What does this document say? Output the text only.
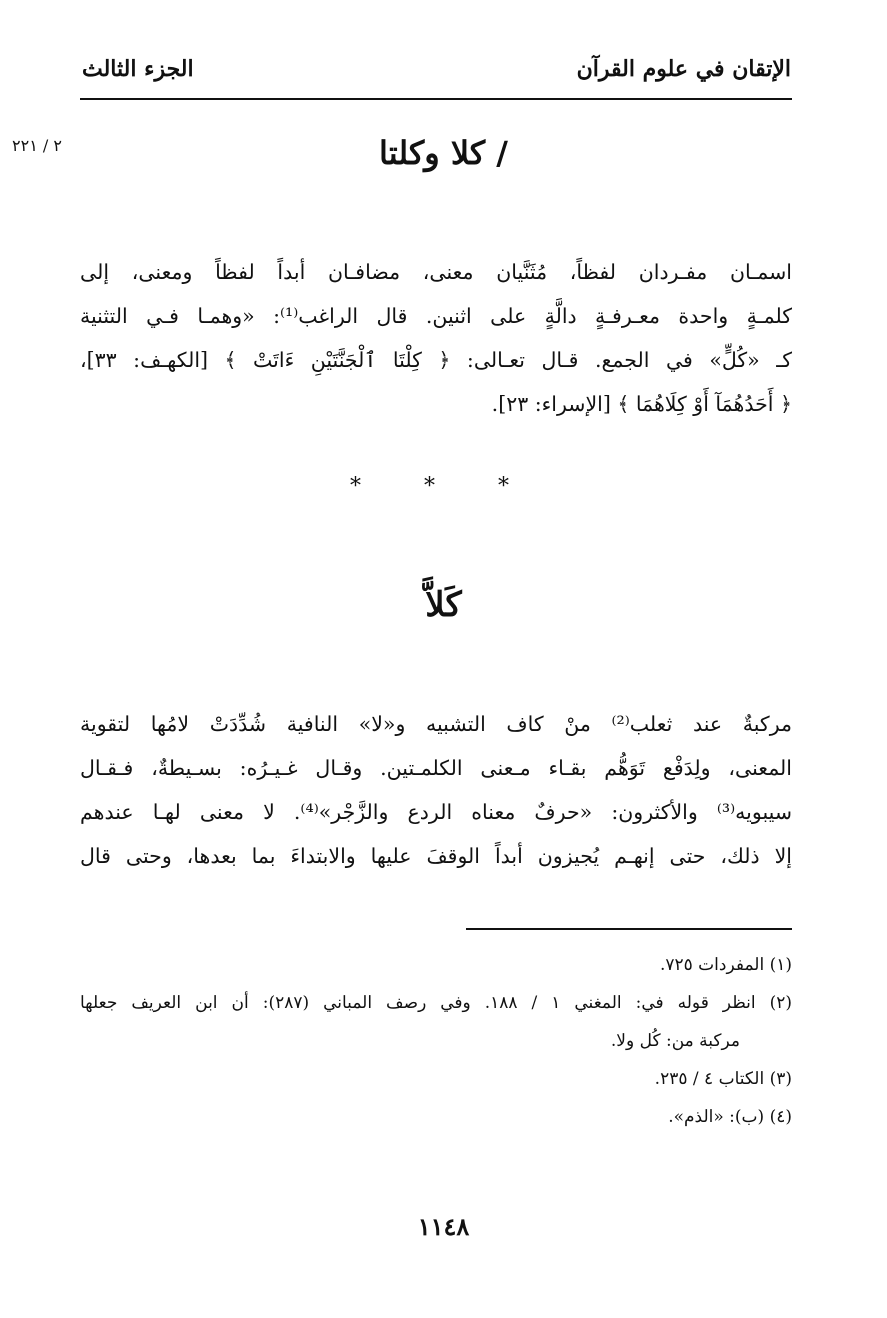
الإتقان في علوم القرآن
الجزء الثالث
٢ / ٢٢١	/ كلا وكلتا
اسمـان مفـردان لفظاً، مُثَنَّيان معنى، مضافـان أبداً لفظاً ومعنى، إلى
كلمـةٍ واحدة معـرفـةٍ دالَّةٍ على اثنين. قال الراغب⁽¹⁾: «وهمـا فـي التثنية
كـ «كُلٍّ» في الجمع. قـال تعـالى: ﴿ كِلْتَا ٱلْجَنَّتَيْنِ ءَاتَتْ ﴾ [الكهـف: ٣٣]،
﴿ أَحَدُهُمَآ أَوْ كِلَاهُمَا ﴾ [الإسراء: ٢٣].
* * *
كَلاَّ
مركبةٌ عند ثعلب⁽²⁾ منْ كاف التشبيه و«لا» النافية شُدِّدَتْ لامُها لتقوية
المعنى، ولِدَفْع تَوَهُّم بقـاء مـعنى الكلمـتين. وقـال غـيـرُه: بسـيطةٌ، فـقـال
سيبويه⁽³⁾ والأكثرون: «حرفٌ معناه الردع والزَّجْر»⁽⁴⁾. لا معنى لهـا عندهم
إلا ذلك، حتى إنهـم يُجيزون أبداً الوقفَ عليها والابتداءَ بما بعدها، وحتى قال
(١) المفردات ٧٢٥.
(٢) انظر قوله في: المغني ١ / ١٨٨. وفي رصف المباني (٢٨٧): أن ابن العريف جعلها
مركبة من: كُل ولا.
(٣) الكتاب ٤ / ٢٣٥.
(٤) (ب): «الذم».
١١٤٨
